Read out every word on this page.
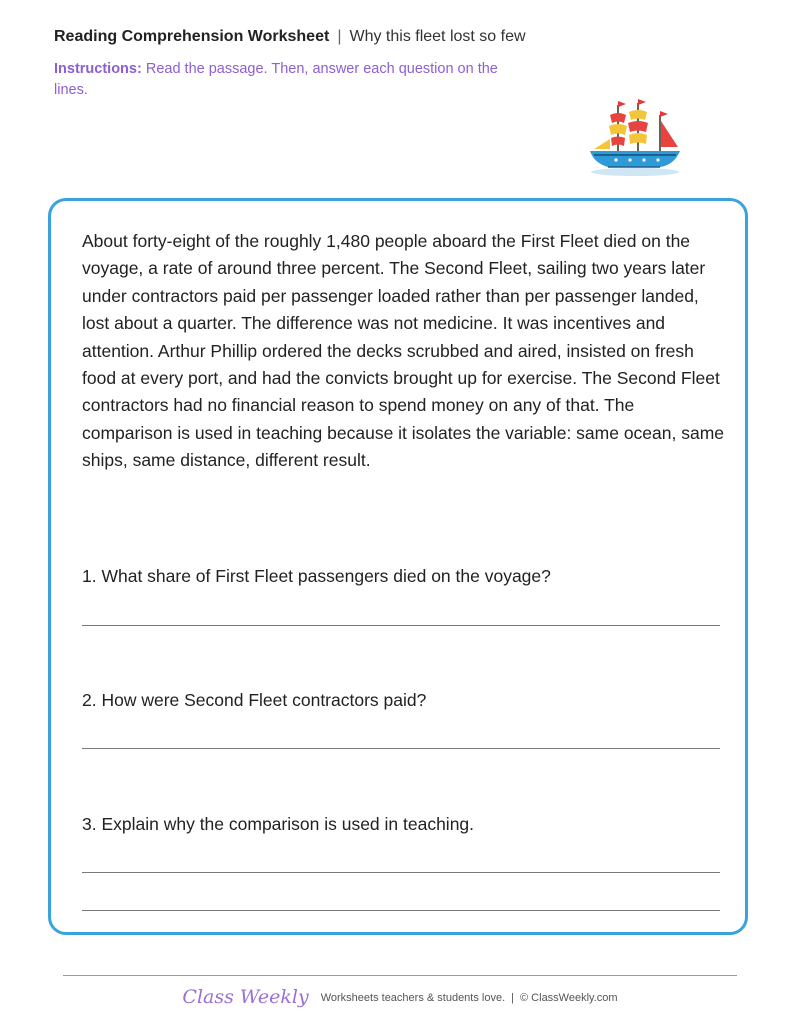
Reading Comprehension Worksheet | Why this fleet lost so few
Instructions: Read the passage. Then, answer each question on the lines.

About forty-eight of the roughly 1,480 people aboard the First Fleet died on the voyage, a rate of around three percent. The Second Fleet, sailing two years later under contractors paid per passenger loaded rather than per passenger landed, lost about a quarter. The difference was not medicine. It was incentives and attention. Arthur Phillip ordered the decks scrubbed and aired, insisted on fresh food at every port, and had the convicts brought up for exercise. The Second Fleet contractors had no financial reason to spend money on any of that. The comparison is used in teaching because it isolates the variable: same ocean, same ships, same distance, different result.

1. What share of First Fleet passengers died on the voyage?
2. How were Second Fleet contractors paid?
3. Explain why the comparison is used in teaching.
Class Weekly Worksheets teachers & students love. | © ClassWeekly.com
